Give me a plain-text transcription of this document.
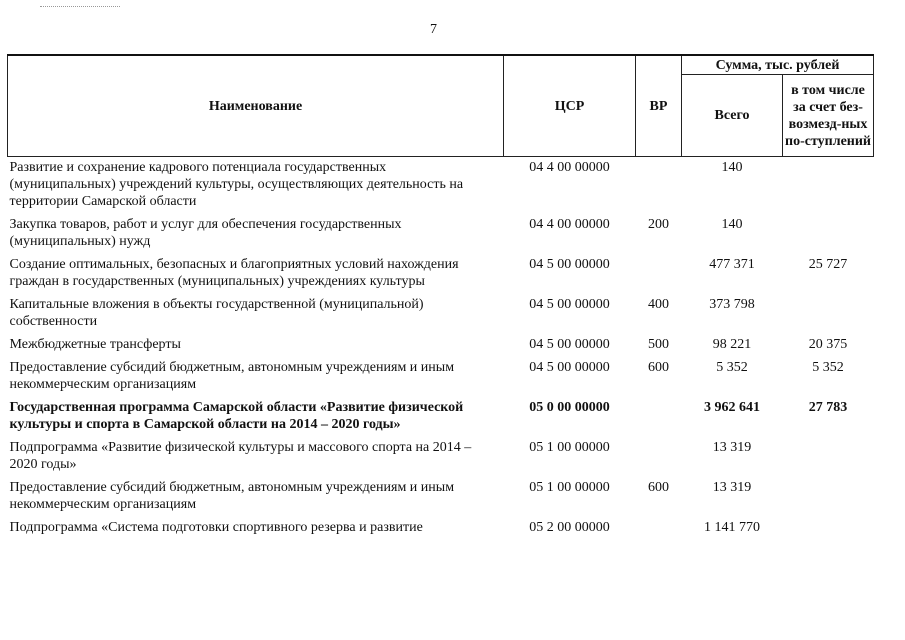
7
Наименование	ЦСР	ВР	Сумма, тыс. рублей	
			Всего	в том числе за счет без-возмезд-ных по-ступлений
Развитие и сохранение кадрового потенциала государственных (муниципальных) учреждений культуры, осуществляющих деятельность на территории Самарской области	04 4 00 00000		140	
Закупка товаров, работ и услуг для обеспечения государственных (муниципальных) нужд	04 4 00 00000	200	140	
Создание оптимальных, безопасных и благоприятных условий нахождения граждан в государственных (муниципальных) учреждениях культуры	04 5 00 00000		477 371	25 727
Капитальные вложения в объекты государственной (муниципальной) собственности	04 5 00 00000	400	373 798	
Межбюджетные трансферты	04 5 00 00000	500	98 221	20 375
Предоставление субсидий бюджетным, автономным учреждениям и иным некоммерческим организациям	04 5 00 00000	600	5 352	5 352
Государственная программа Самарской области «Развитие физической культуры и спорта в Самарской области на 2014 – 2020 годы»	05 0 00 00000		3 962 641	27 783
Подпрограмма «Развитие физической культуры и массового спорта на 2014 – 2020 годы»	05 1 00 00000		13 319	
Предоставление субсидий бюджетным, автономным учреждениям и иным некоммерческим организациям	05 1 00 00000	600	13 319	
Подпрограмма «Система подготовки спортивного резерва и развитие	05 2 00 00000		1 141 770	
